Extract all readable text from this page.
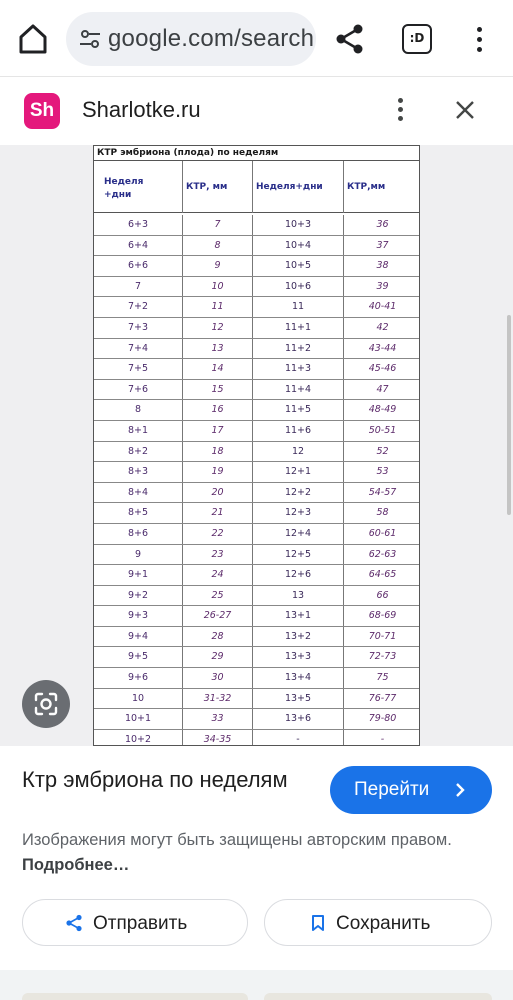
google.com/search	:D
Sh Sharlotke.ru
КТР эмбриона (плода) по неделям
Неделя
+дни
КТР, мм	Неделя+дни	КТР,мм
6+3	7	10+3	36
6+4	8	10+4	37
6+6	9	10+5	38
7	10	10+6	39
7+2	11	11	40-41
7+3	12	11+1	42
7+4	13	11+2	43-44
7+5	14	11+3	45-46
7+6	15	11+4	47
8	16	11+5	48-49
8+1	17	11+6	50-51
8+2	18	12	52
8+3	19	12+1	53
8+4	20	12+2	54-57
8+5	21	12+3	58
8+6	22	12+4	60-61
9	23	12+5	62-63
9+1	24	12+6	64-65
9+2	25	13	66
9+3	26-27	13+1	68-69
9+4	28	13+2	70-71
9+5	29	13+3	72-73
9+6	30	13+4	75
10	31-32	13+5	76-77
10+1	33	13+6	79-80
10+2	34-35	-	-
Ктр эмбриона по неделям	Перейти
Изображения могут быть защищены авторским правом. Подробнее…
Отправить	Сохранить
